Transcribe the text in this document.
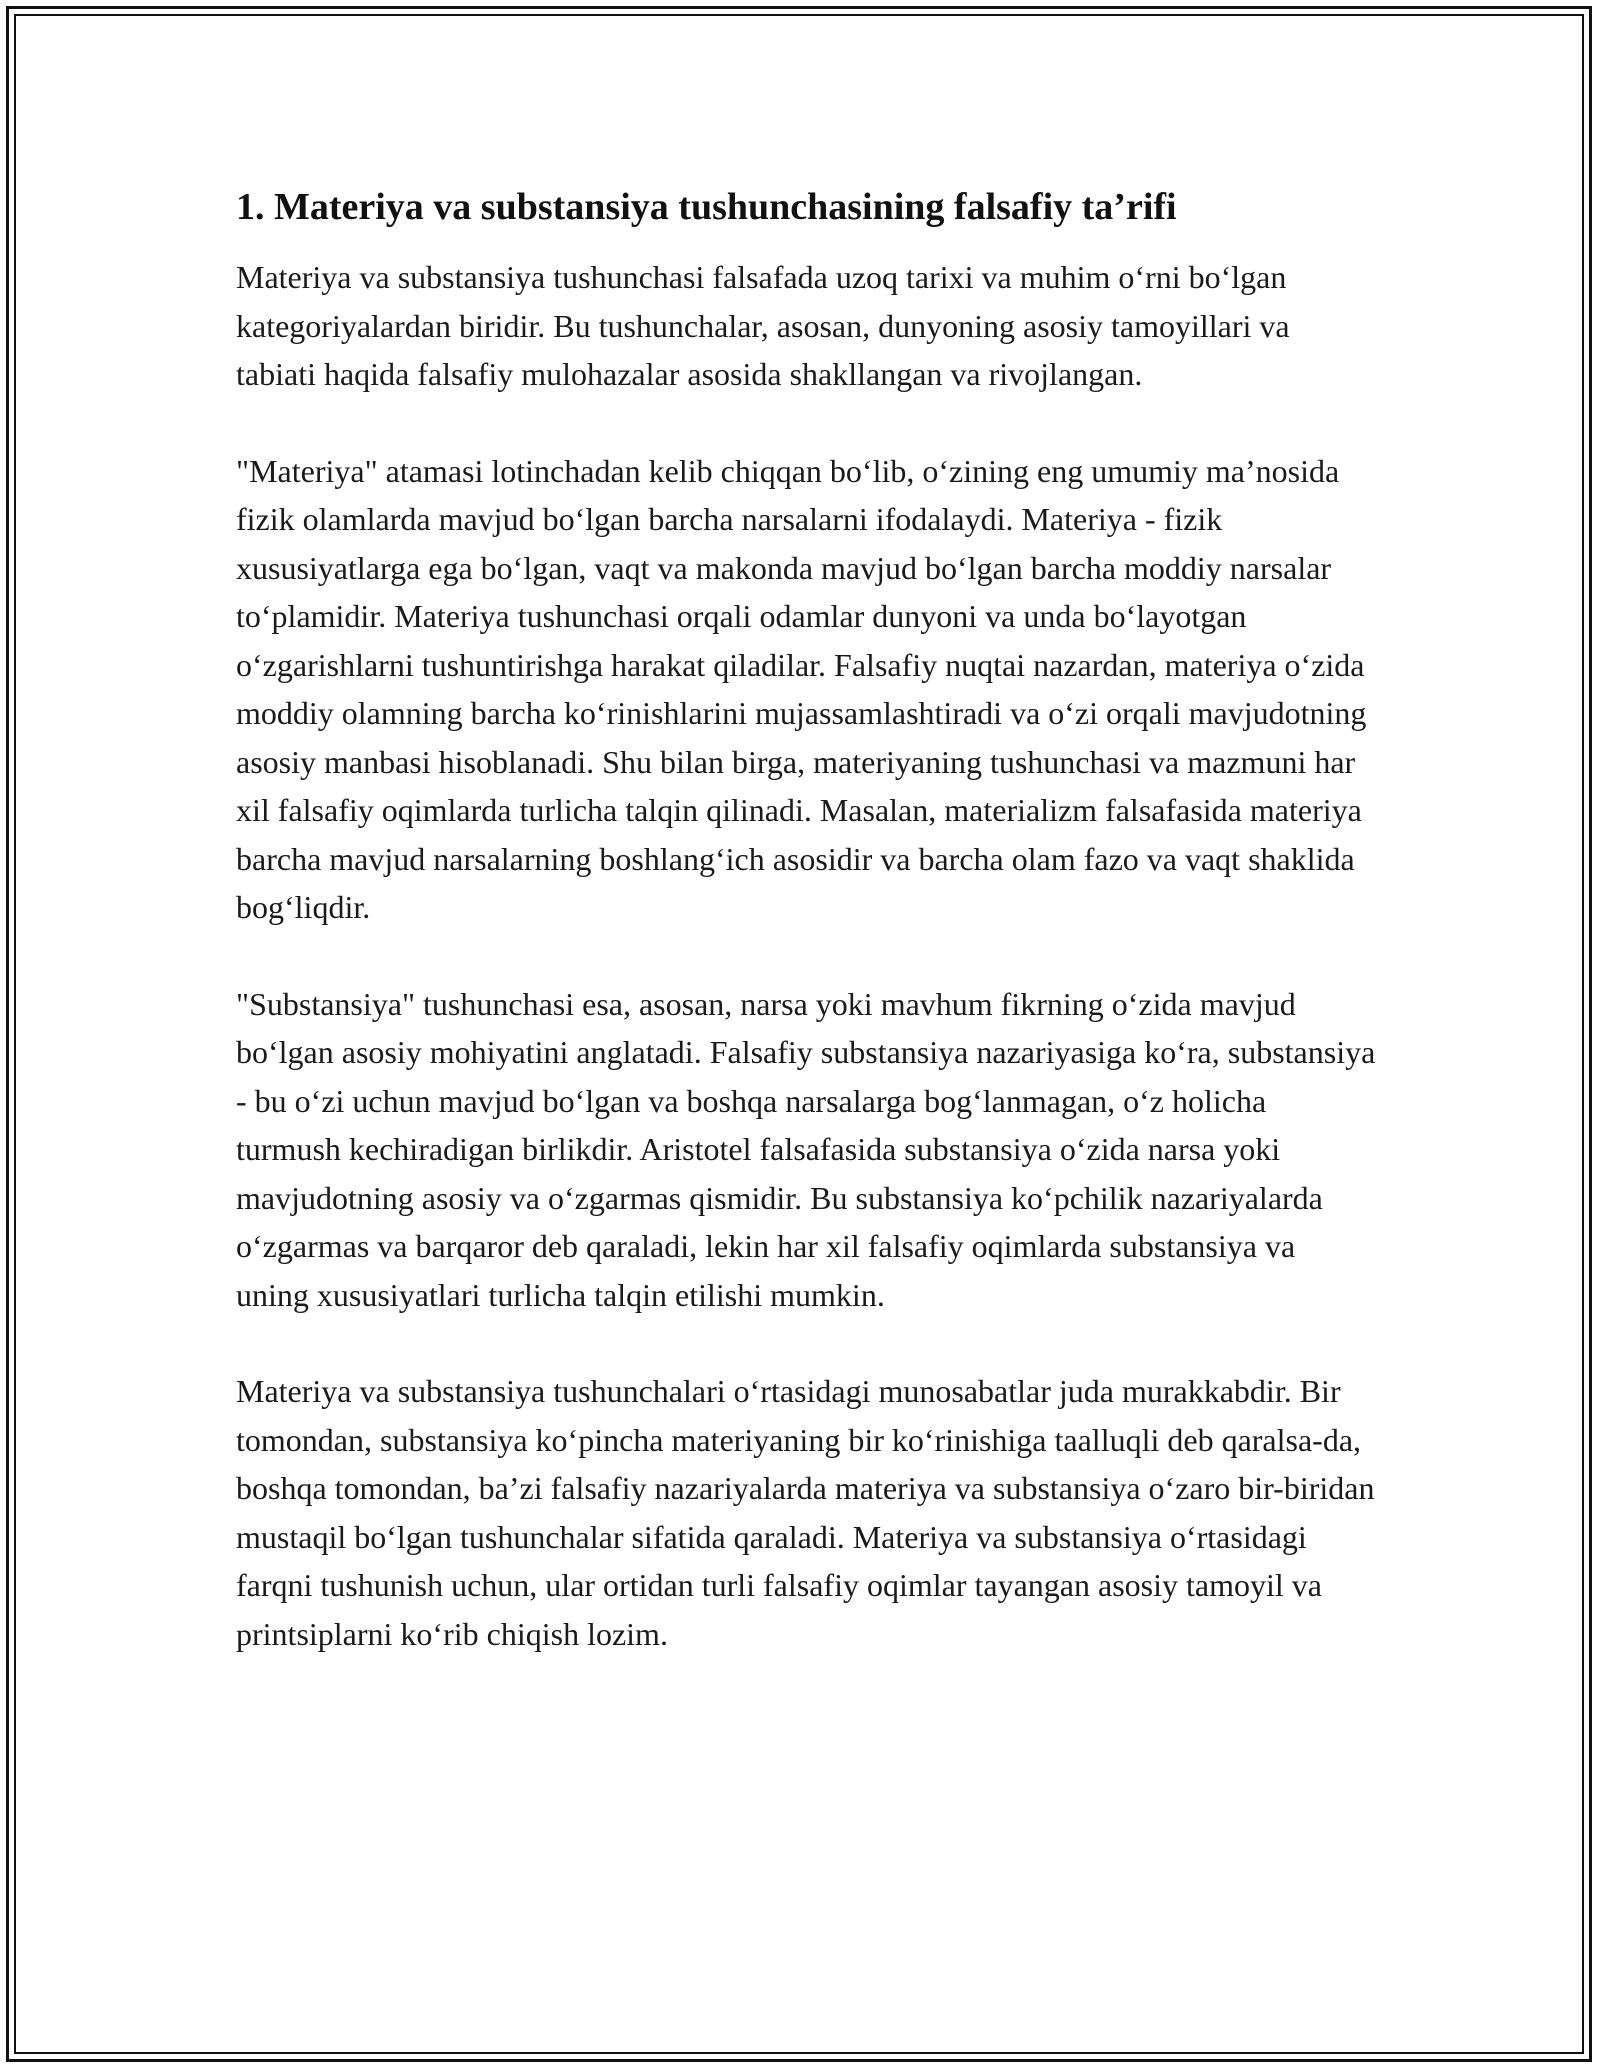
1. Materiya va substansiya tushunchasining falsafiy ta’rifi

Materiya va substansiya tushunchasi falsafada uzoq tarixi va muhim o‘rni bo‘lgan kategoriyalardan biridir. Bu tushunchalar, asosan, dunyoning asosiy tamoyillari va tabiati haqida falsafiy mulohazalar asosida shakllangan va rivojlangan.

"Materiya" atamasi lotinchadan kelib chiqqan bo‘lib, o‘zining eng umumiy ma’nosida fizik olamlarda mavjud bo‘lgan barcha narsalarni ifodalaydi. Materiya - fizik xususiyatlarga ega bo‘lgan, vaqt va makonda mavjud bo‘lgan barcha moddiy narsalar to‘plamidir. Materiya tushunchasi orqali odamlar dunyoni va unda bo‘layotgan o‘zgarishlarni tushuntirishga harakat qiladilar. Falsafiy nuqtai nazardan, materiya o‘zida moddiy olamning barcha ko‘rinishlarini mujassamlashtiradi va o‘zi orqali mavjudotning asosiy manbasi hisoblanadi. Shu bilan birga, materiyaning tushunchasi va mazmuni har xil falsafiy oqimlarda turlicha talqin qilinadi. Masalan, materializm falsafasida materiya barcha mavjud narsalarning boshlang‘ich asosidir va barcha olam fazo va vaqt shaklida bog‘liqdir.

"Substansiya" tushunchasi esa, asosan, narsa yoki mavhum fikrning o‘zida mavjud bo‘lgan asosiy mohiyatini anglatadi. Falsafiy substansiya nazariyasiga ko‘ra, substansiya - bu o‘zi uchun mavjud bo‘lgan va boshqa narsalarga bog‘lanmagan, o‘z holicha turmush kechiradigan birlikdir. Aristotel falsafasida substansiya o‘zida narsa yoki mavjudotning asosiy va o‘zgarmas qismidir. Bu substansiya ko‘pchilik nazariyalarda o‘zgarmas va barqaror deb qaraladi, lekin har xil falsafiy oqimlarda substansiya va uning xususiyatlari turlicha talqin etilishi mumkin.

Materiya va substansiya tushunchalari o‘rtasidagi munosabatlar juda murakkabdir. Bir tomondan, substansiya ko‘pincha materiyaning bir ko‘rinishiga taalluqli deb qaralsa-da, boshqa tomondan, ba’zi falsafiy nazariyalarda materiya va substansiya o‘zaro bir-biridan mustaqil bo‘lgan tushunchalar sifatida qaraladi. Materiya va substansiya o‘rtasidagi farqni tushunish uchun, ular ortidan turli falsafiy oqimlar tayangan asosiy tamoyil va printsiplarni ko‘rib chiqish lozim.
